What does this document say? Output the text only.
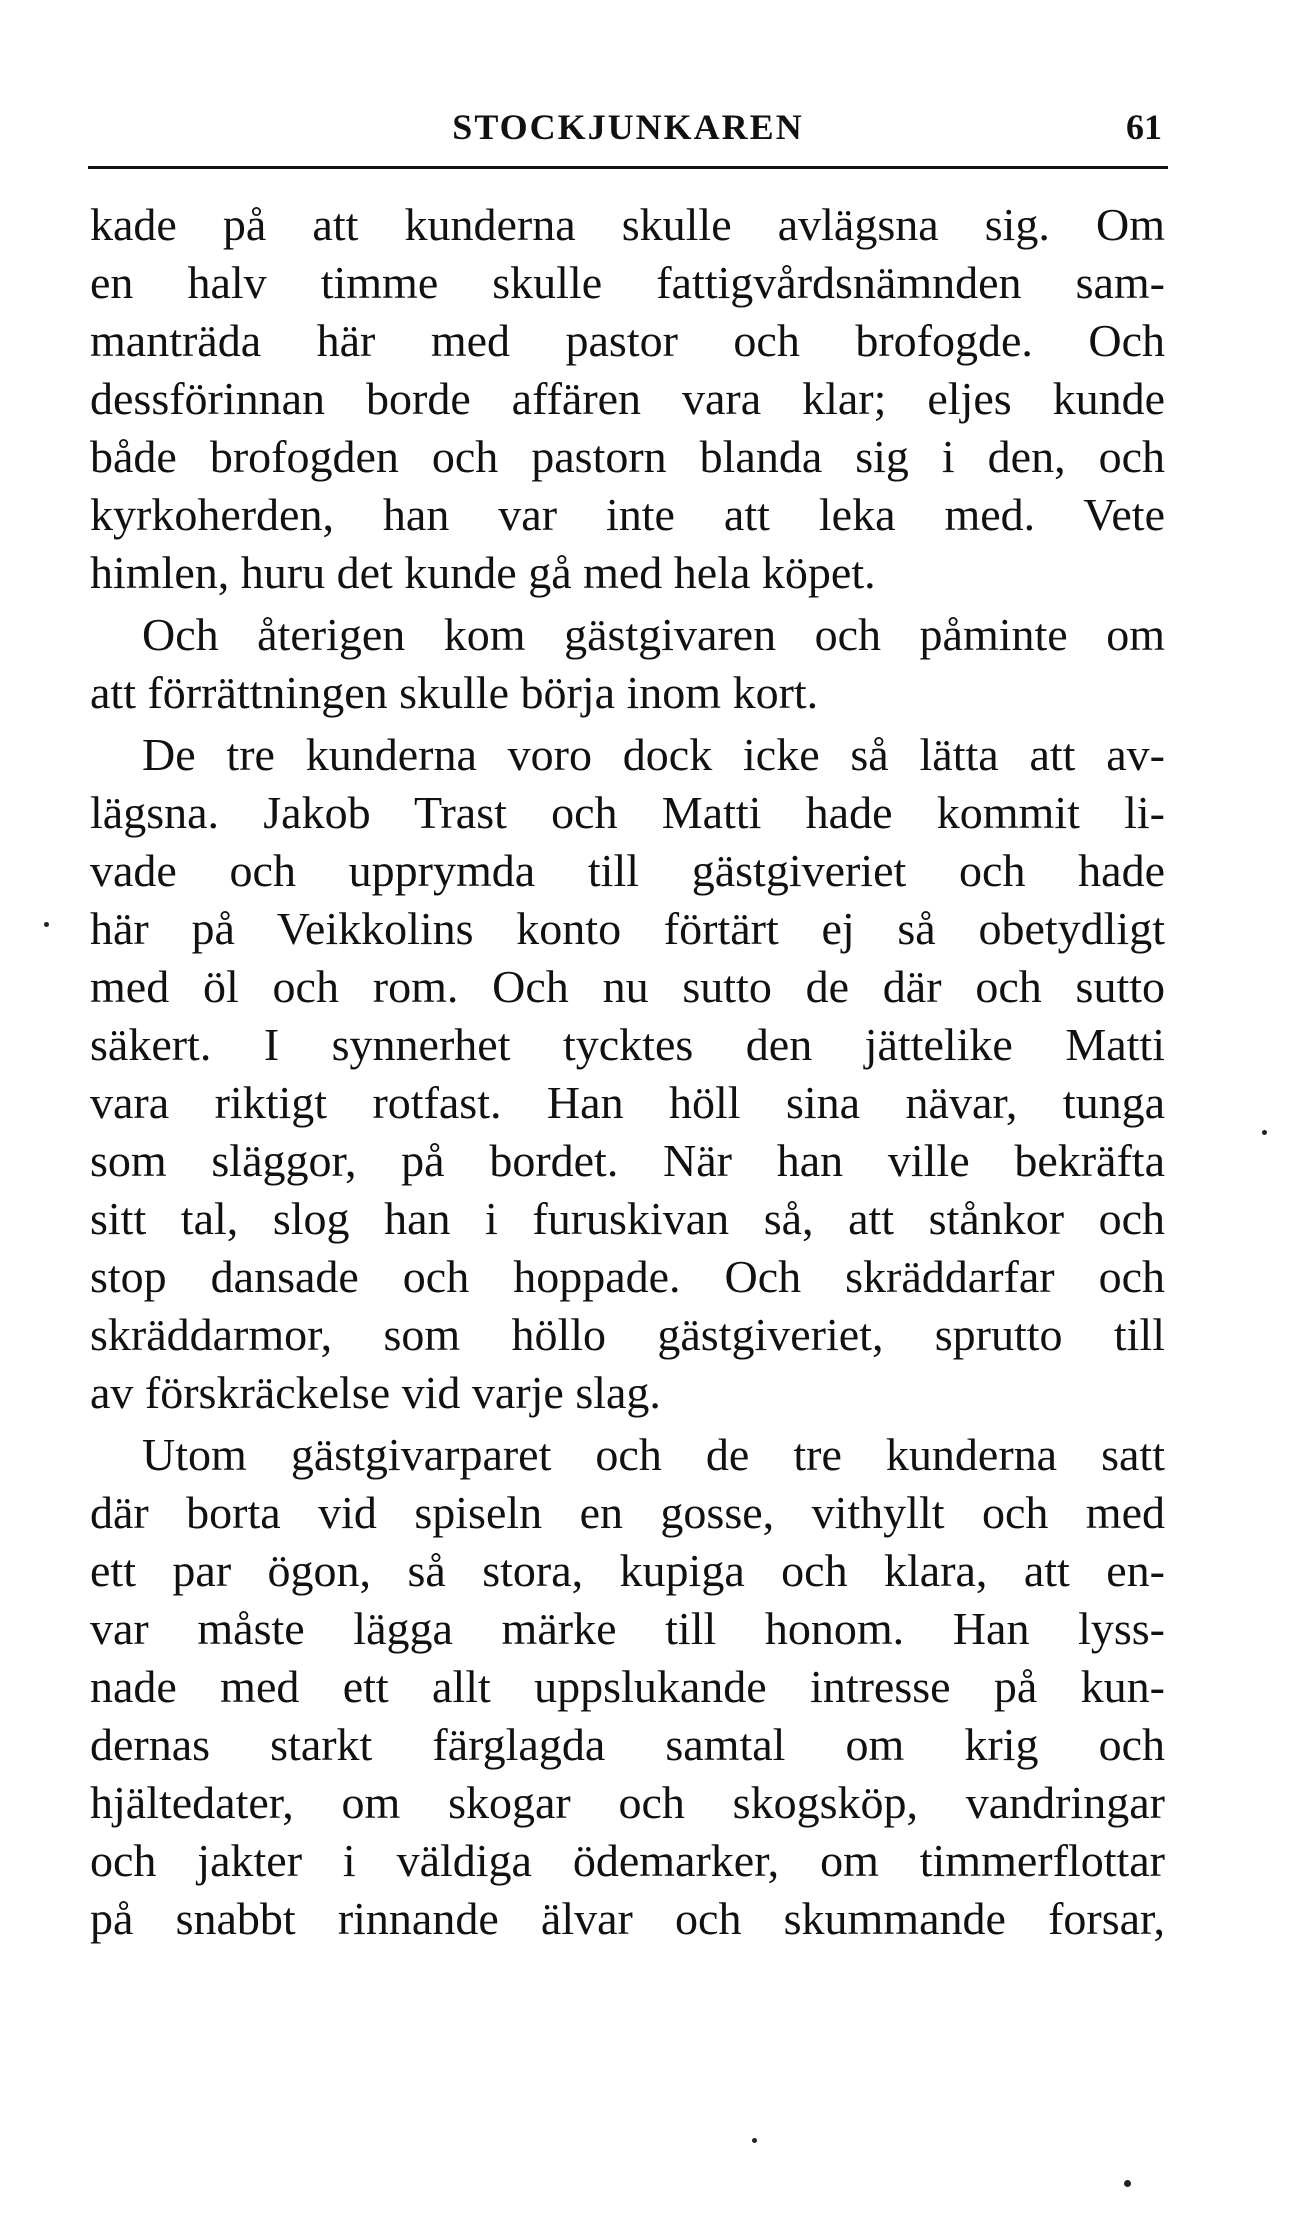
STOCKJUNKAREN	61
kade på att kunderna skulle avlägsna sig. Om
en halv timme skulle fattigvårdsnämnden sam-
manträda här med pastor och brofogde. Och
dessförinnan borde affären vara klar; eljes kunde
både brofogden och pastorn blanda sig i den, och
kyrkoherden, han var inte att leka med. Vete
himlen, huru det kunde gå med hela köpet.
Och återigen kom gästgivaren och påminte om
att förrättningen skulle börja inom kort.
De tre kunderna voro dock icke så lätta att av-
lägsna. Jakob Trast och Matti hade kommit li-
vade och upprymda till gästgiveriet och hade
här på Veikkolins konto förtärt ej så obetydligt
med öl och rom. Och nu sutto de där och sutto
säkert. I synnerhet tycktes den jättelike Matti
vara riktigt rotfast. Han höll sina nävar, tunga
som släggor, på bordet. När han ville bekräfta
sitt tal, slog han i furuskivan så, att stånkor och
stop dansade och hoppade. Och skräddarfar och
skräddarmor, som höllo gästgiveriet, sprutto till
av förskräckelse vid varje slag.
Utom gästgivarparet och de tre kunderna satt
där borta vid spiseln en gosse, vithyllt och med
ett par ögon, så stora, kupiga och klara, att en-
var måste lägga märke till honom. Han lyss-
nade med ett allt uppslukande intresse på kun-
dernas starkt färglagda samtal om krig och
hjältedater, om skogar och skogsköp, vandringar
och jakter i väldiga ödemarker, om timmerflottar
på snabbt rinnande älvar och skummande forsar,
